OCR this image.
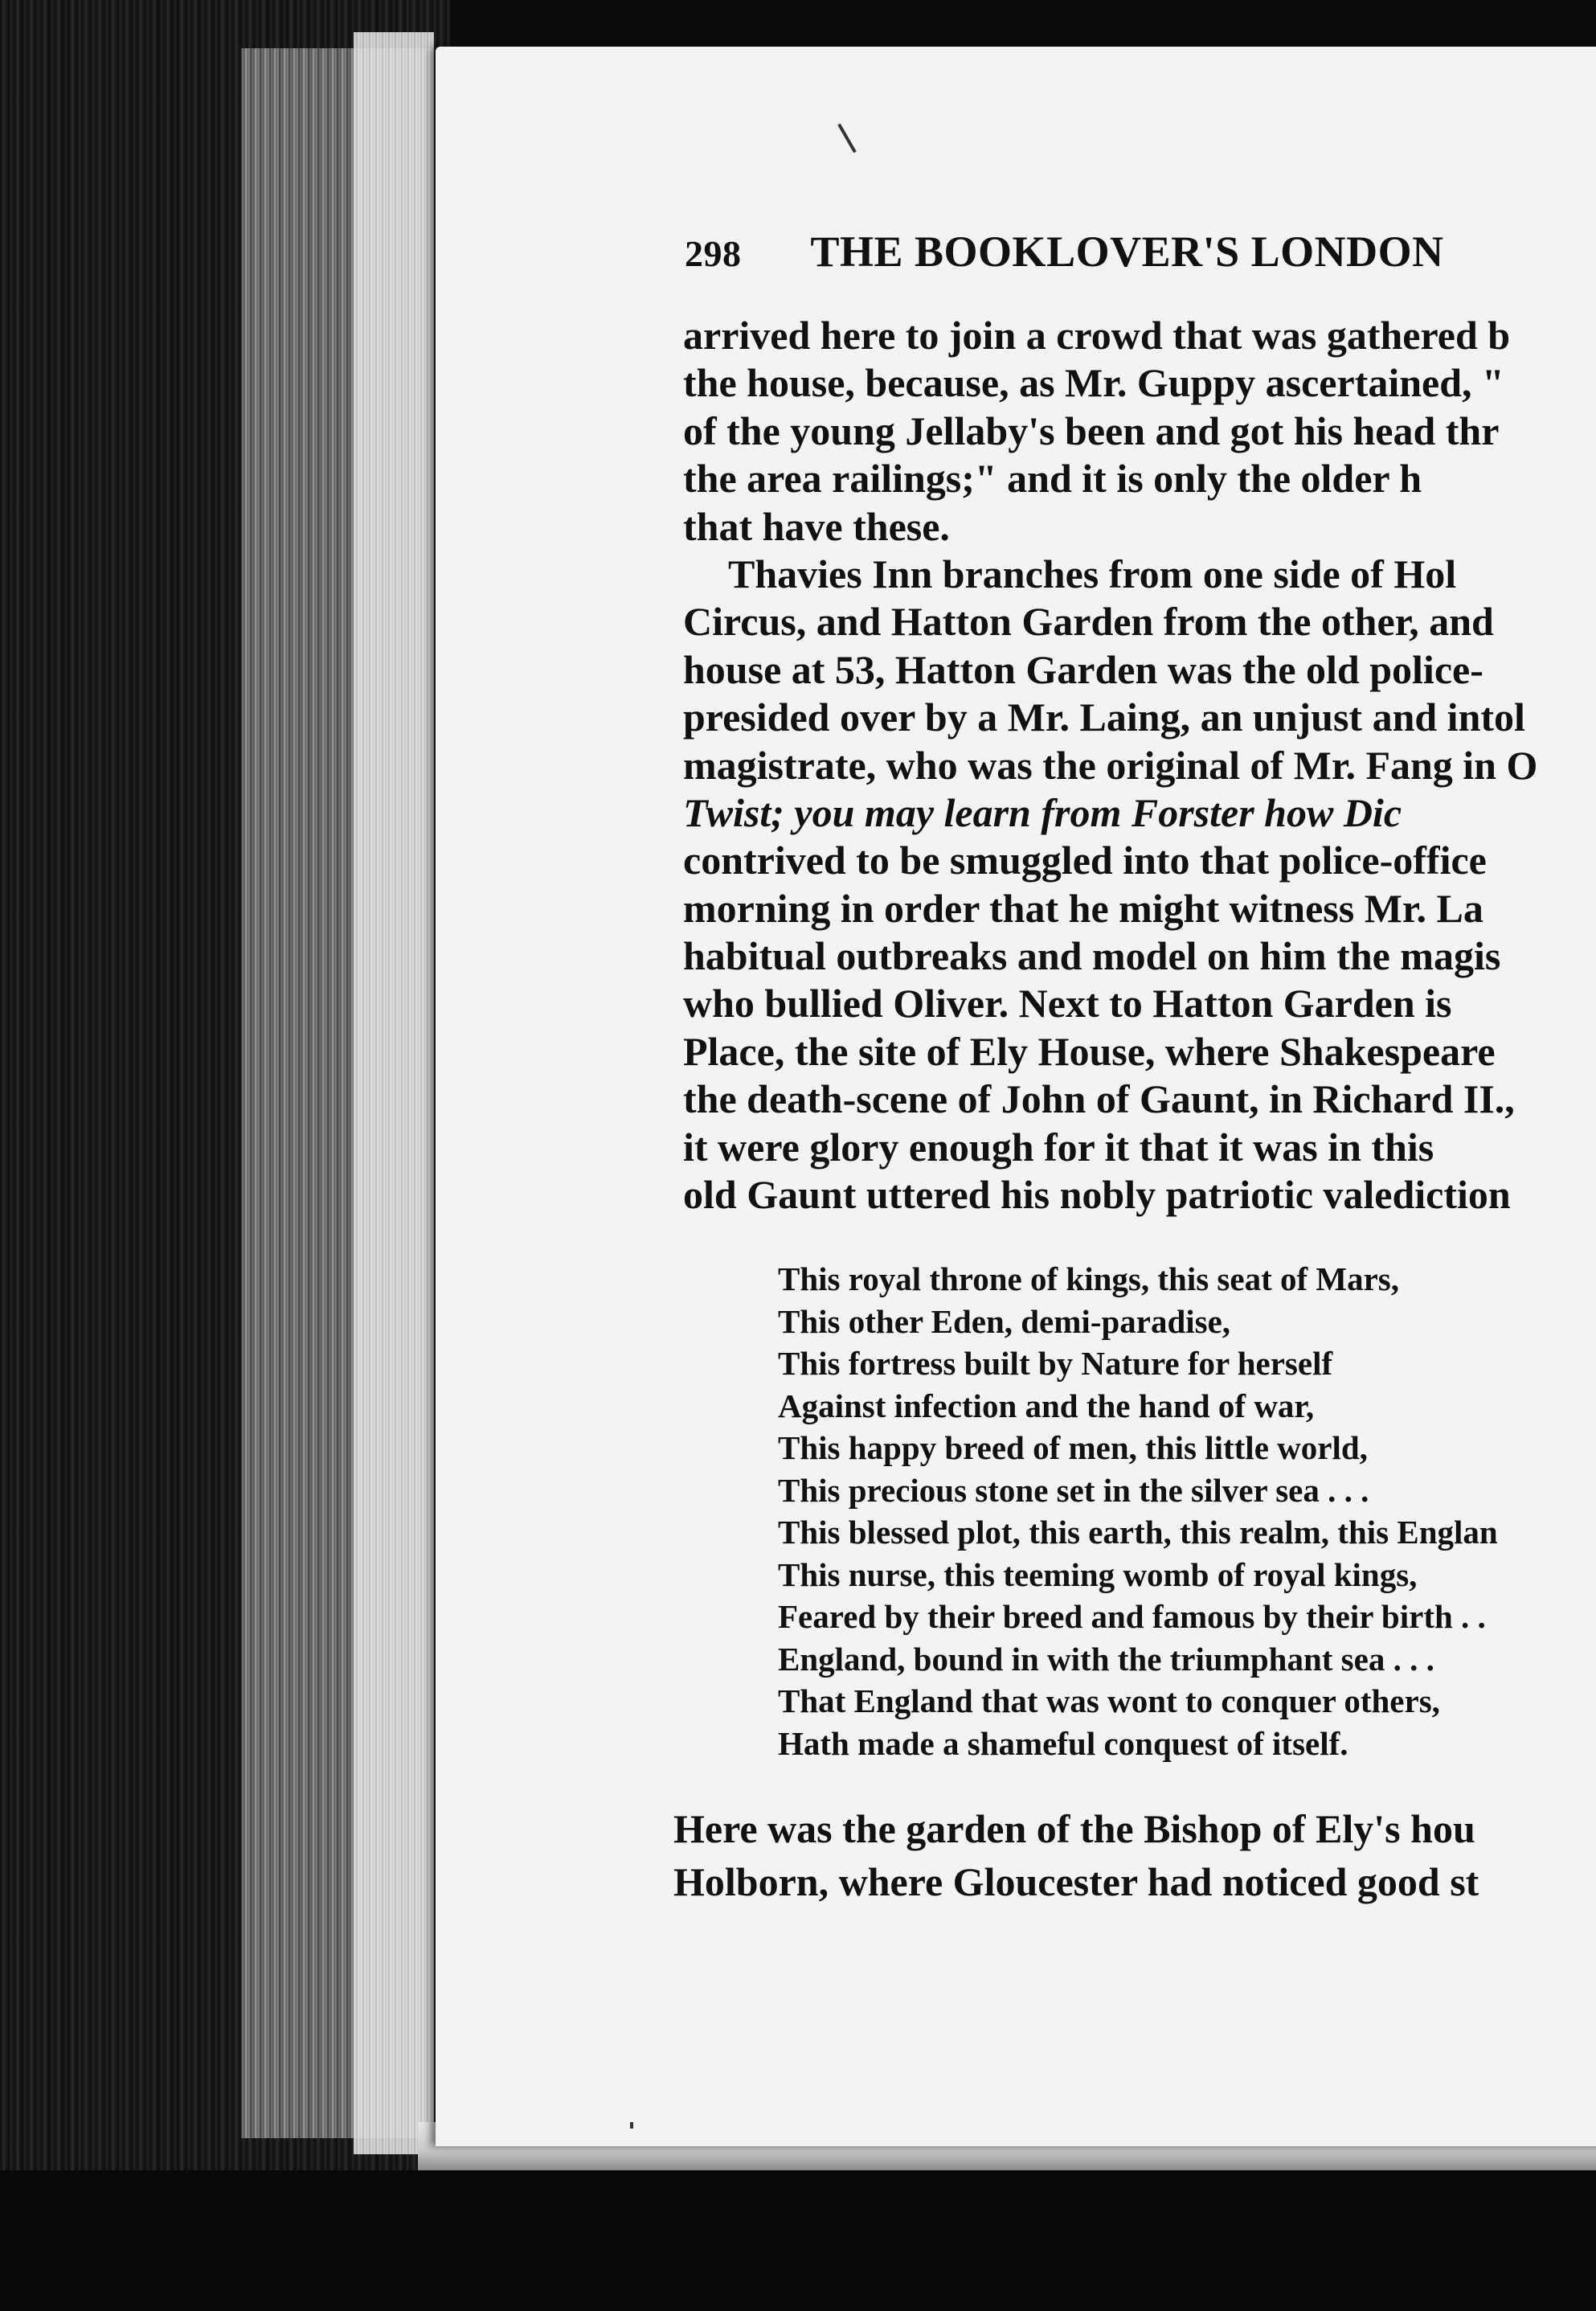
298 THE BOOKLOVER'S LONDON
arrived here to join a crowd that was gathered b
the house, because, as Mr. Guppy ascertained, "
of the young Jellaby's been and got his head thr
the area railings;" and it is only the older h
that have these.
Thavies Inn branches from one side of Hol
Circus, and Hatton Garden from the other, and
house at 53, Hatton Garden was the old police-
presided over by a Mr. Laing, an unjust and intol
magistrate, who was the original of Mr. Fang in O
Twist; you may learn from Forster how Dic
contrived to be smuggled into that police-office
morning in order that he might witness Mr. La
habitual outbreaks and model on him the magis
who bullied Oliver. Next to Hatton Garden is
Place, the site of Ely House, where Shakespeare
the death-scene of John of Gaunt, in Richard II.,
it were glory enough for it that it was in this
old Gaunt uttered his nobly patriotic valediction
This royal throne of kings, this seat of Mars,
This other Eden, demi-paradise,
This fortress built by Nature for herself
Against infection and the hand of war,
This happy breed of men, this little world,
This precious stone set in the silver sea . . .
This blessed plot, this earth, this realm, this Englan
This nurse, this teeming womb of royal kings,
Feared by their breed and famous by their birth . .
England, bound in with the triumphant sea . . .
That England that was wont to conquer others,
Hath made a shameful conquest of itself.
Here was the garden of the Bishop of Ely's hou
Holborn, where Gloucester had noticed good st
